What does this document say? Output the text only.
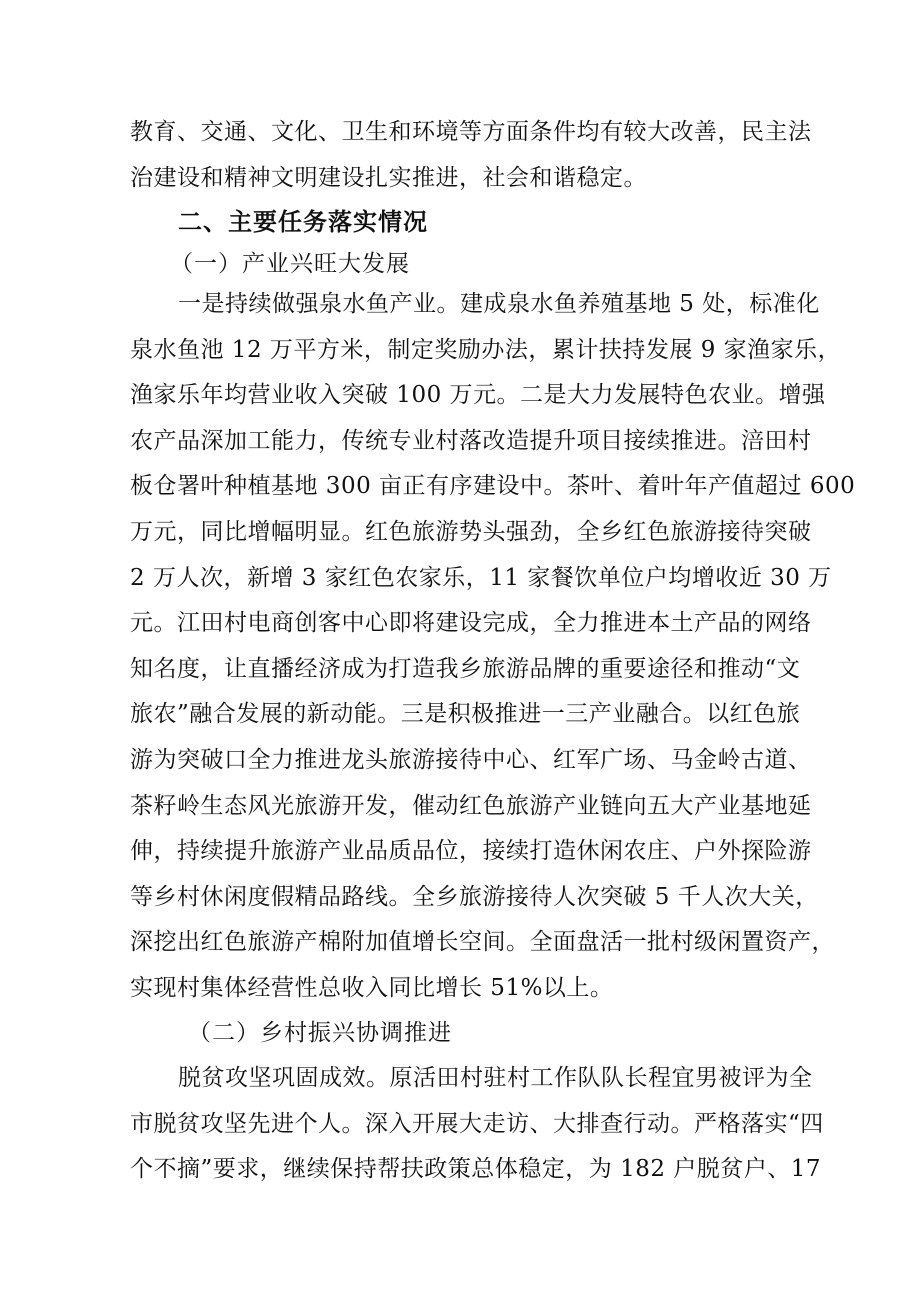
教育、交通、文化、卫生和环境等方面条件均有较大改善，民主法
治建设和精神文明建设扎实推进，社会和谐稳定。
二、主要任务落实情况
（一）产业兴旺大发展
一是持续做强泉水鱼产业。建成泉水鱼养殖基地 5 处，标准化
泉水鱼池 12 万平方米，制定奖励办法，累计扶持发展 9 家渔家乐，
渔家乐年均营业收入突破 100 万元。二是大力发展特色农业。增强
农产品深加工能力，传统专业村落改造提升项目接续推进。涪田村
板仓署叶种植基地 300 亩正有序建设中。茶叶、着叶年产值超过 600
万元，同比增幅明显。红色旅游势头强劲，全乡红色旅游接待突破
2 万人次，新增 3 家红色农家乐，11 家餐饮单位户均增收近 30 万
元。江田村电商创客中心即将建设完成，全力推进本土产品的网络
知名度，让直播经济成为打造我乡旅游品牌的重要途径和推动“文
旅农”融合发展的新动能。三是积极推进一三产业融合。以红色旅
游为突破口全力推进龙头旅游接待中心、红军广场、马金岭古道、
茶籽岭生态风光旅游开发，催动红色旅游产业链向五大产业基地延
伸，持续提升旅游产业品质品位，接续打造休闲农庄、户外探险游
等乡村休闲度假精品路线。全乡旅游接待人次突破 5 千人次大关，
深挖出红色旅游产棉附加值增长空间。全面盘活一批村级闲置资产，
实现村集体经营性总收入同比增长 51%以上。
（二）乡村振兴协调推进
脱贫攻坚巩固成效。原活田村驻村工作队队长程宜男被评为全
市脱贫攻坚先进个人。深入开展大走访、大排查行动。严格落实“四
个不摘”要求，继续保持帮扶政策总体稳定，为 182 户脱贫户、17
